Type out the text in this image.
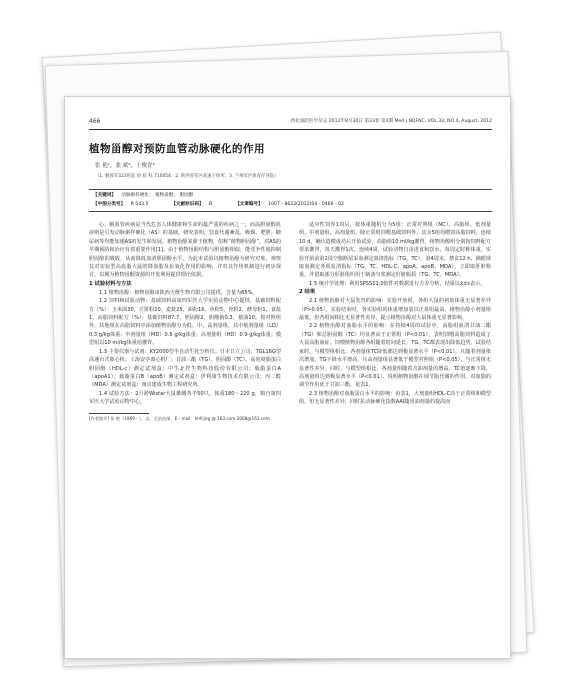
466	西北国防医学杂志 2012年8月30日 第33卷 第4期 Med J NDFNC, VOL.33, NO.4, August, 2012
植物甾醇对预防血管动脉硬化的作用
张 艳¹，张 斌²，王俊青³
（1. 解放军323医院 检 验 科 710054；2. 陕西省军区高速干休所；3. 兰州军区体育疗养院）
【关键词】 动脉粥样硬化； 植物甾醇； 胆固醇
【中图分类号】 R 543.5	【文献标识码】 B	【文章编号】 1007 - 8622(2012)04 - 0466 - 02

心、脑血管疾病是当代危害人体健康和生命的最严重的疾病之一，而高胆固醇血症则是引发动脉粥样硬化（AS）的基础，研究表明，饮食代谢紊乱、吸烟、肥胖、糖尿病等均能加速AS的发生和发展。植物甾醇来源于植物，俗称“植物胆固醇”，对AS的早期预防和治疗有着重要作用[1]。由于植物甾醇结构与胆固醇相似，能竞争性地抑制胆固醇的吸收，从而降低血清胆固醇水平。为此本试验以植物甾醇为研究对象，观察其对实验型高血脂大鼠的降血脂及抗氧化作用的影响，并对其作用机制进行初步探讨，以期为植物甾醇资源的开发利用提供理论依据。

1 试验材料与方法

1.1 植物甾醇：植物甾醇由陕西天维生物有限公司提供，含量为65%。

1.2 饲料和试验动物：基础饲料由第四军医大学实验动物中心提供，基础饲料配方（%）：玉米面30，豆饼粉20，麦麸25，面粉16，鱼粉5，骨粉2，酵母粉1，食盐1。高脂饲料配方（%）：基础饲料87.7，胆固醇2，胆酸钠0.3，猪油10。按对照组外，其他组在高脂饲料中添加植物甾醇分为低、中、高剂量组，其中低剂量组（LD）0.3 g/kg体重；中剂量组（MD）0.6 g/kg体重；高剂量组（HD）0.9 g/kg体重；模型组以10 ml/kg体重给灌胃。

1.3 主要仪器与试剂：KY2000型半自动生化分析仪；日本日立公司；TGL16G型高速台式离心机；上海安亭离心机厂；甘油三酯（TG）、胆固醇（TC）、高密度脂蛋白胆固醇（HDL-c）测定试剂盒；中生北控生物科技股份有限公司；载脂蛋白A（apoA1）、载脂蛋白B（apoB）测定试剂盒；伊利康生物技术有限公司；丙二醛（MDA）测定试剂盒；南京建成生物工程研究所。

1.4 试验方法：2月龄Wistar大鼠雄雌各半50只，体重180～220 g，购自第四军医大学试验动物中心。

[作者简介] 张 艳（1969 - ），女，主治医师，E - mail：hnfcjng @ 163.com 2008@163.com

适应性饲养1周后，按体重随机分为5组：正常对照组（NC）、高脂组、低剂量组、中剂量组、高剂量组，除正常组饲喂基础饲料外，其余5组均喂饲高脂饲料，连续10 d，确认造模成功后开始试验，高脂组10 ml/kg灌胃，植物甾醇组分别按饲料配方要求灌胃，每天灌胃1次，连续4周，试验动物自由进食和饮水，每周定时称体重。实验开始前第2周空腹断尾采血测定血清指标（TG、TC），第4周末，禁食12 h，摘眼球取血测定各项血清指标（TG、TC、HDL-C、apoA、apoB、MDA），立即取肝脏称重，并留取部分肝脏组织用于制备匀浆测定肝脏脂质（TG、TC、MDA）。

1.5 统计学处理：利用SPSS11.0软件对数据进行方差分析，结果以x̄±s表示。

2 结果

2.1 植物甾醇对大鼠发育的影响：实验开始时，各组大鼠的初始体重无显著差异（P>0.05）。实验结束时，各实验组的体重增加量以正常组最高，植物甾醇小剂量组最低，但各组间相比无显著性差异，提示植物甾醇对大鼠体重无显著影响。

2.2 植物甾醇对血脂水平的影响：在持续4周的试验中，高脂组血清甘油三酯（TG）和总胆固醇（TC）均显著高于正常组（P<0.01），表明饲喂高脂饲料造成了大鼠高脂血症。饲喂植物甾醇各组随着时间延长，TG、TC都表现出降低趋势，试验结束时，与模型组相比，各剂量组TC降低都达到极显著水平（P<0.01），且随着剂量依次增加，TG下降水平增高，且高剂量组显著低于模型对照组（P<0.05），与正常组无显著性差异。同时，与模型组相比，各剂量组随着含油剂量的增高，TC值逐渐下降，高剂量组达到极显著水平（P<0.01）。说明植物甾醇在调节脂代谢的作用，对血脂的调节作用优于甘油三酯，见表1。

2.3 植物甾醇对血脂蛋白水平的影响：由表1，大剂量组HDL-C高于正常组和模型组，但无显著性差异，同时抗动脉硬化指数AAI随用油剂量的提高而
